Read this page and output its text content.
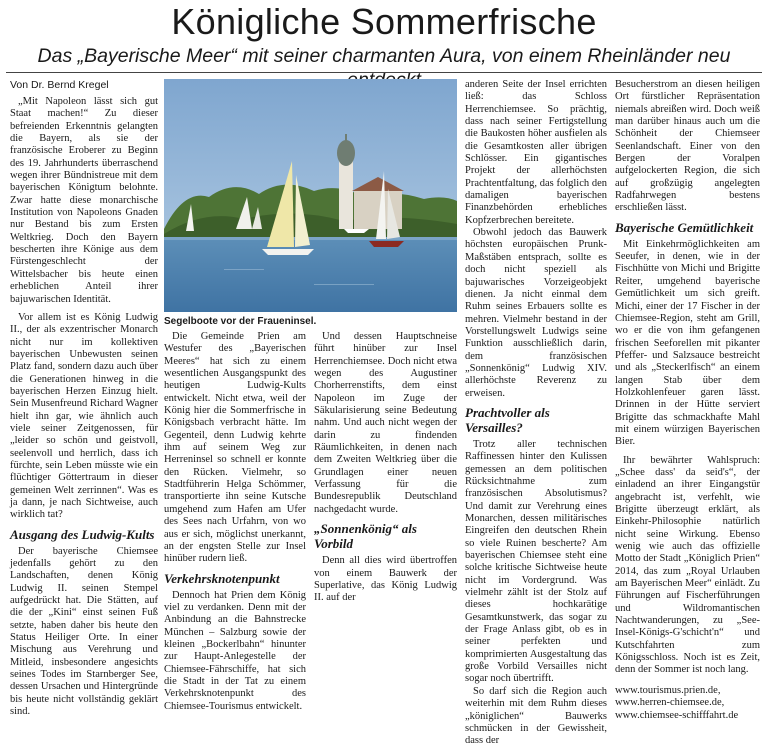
Königliche Sommerfrische
Das „Bayerische Meer“ mit seiner charmanten Aura, von einem Rheinländer neu
Von Dr. Bernd Kregel

„Mit Napoleon lässt sich gut Staat machen!“ Zu dieser befreienden Erkenntnis gelangten die Bayern, als sie der französische Eroberer zu Beginn des 19. Jahrhunderts überraschend wegen ihrer Bündnistreue mit dem bayerischen Königtum belohnte. Zwar hatte diese monarchische Institution von Napoleons Gnaden nur Bestand bis zum Ersten Weltkrieg. Doch den Bayern bescherten ihre Könige aus dem Fürstengeschlecht der Wittelsbacher bis heute einen erheblichen Anteil ihrer bajuwarischen Identität.

Vor allem ist es König Ludwig II., der als exzentrischer Monarch nicht nur im kollektiven bayerischen Unbewusten seinen Platz fand, sondern dazu auch über die Generationen hinweg in die bayerischen Herzen Einzug hielt. Sein Musenfreund Richard Wagner hielt ihn gar, wie ähnlich auch viele seiner Zeitgenossen, für „leider so schön und geistvoll, seelenvoll und herrlich, dass ich fürchte, sein Leben müsste wie ein flüchtiger Göttertraum in dieser gemeinen Welt zerrinnen“. Was es ja dann, je nach Sichtweise, auch wirklich tat?

Ausgang des Ludwig-Kults

Der bayerische Chiemsee jedenfalls gehört zu den Landschaften, denen König Ludwig II. seinen Stempel aufgedrückt hat. Die Stätten, auf die der „Kini“ einst seinen Fuß setzte, haben daher bis heute den Status Heiliger Orte. In einer Mischung aus Verehrung und Mitleid, insbesondere angesichts seines Todes im Starnberger See, dessen Ursachen und Hintergründe bis heute nicht vollständig geklärt sind.

Segelboote vor der Fraueninsel.

Die Gemeinde Prien am Westufer des „Bayerischen Meeres“ hat sich zu einem wesentlichen Ausgangspunkt des heutigen Ludwig-Kults entwickelt. Nicht etwa, weil der König hier die Sommerfrische in Königsbach verbracht hätte. Im Gegenteil, denn Ludwig kehrte ihm auf seinem Weg zur Herreninsel so schnell er konnte den Rücken. Vielmehr, so Stadtführerin Helga Schömmer, transportierte ihn seine Kutsche umgehend zum Hafen am Ufer des Sees nach Urfahrn, von wo aus er sich, möglichst unerkannt, an der engsten Stelle zur Insel hinüber rudern ließ.

Verkehrsknotenpunkt

Dennoch hat Prien dem König viel zu verdanken. Denn mit der Anbindung an die Bahnstrecke München – Salzburg sowie der kleinen „Bockerlbahn“ hinunter zur Haupt-Anlegestelle der Chiemsee-Fährschiffe, hat sich die Stadt in der Tat zu einem Verkehrsknotenpunkt des Chiemsee-Tourismus entwickelt.

Und dessen Hauptschneise führt hinüber zur Insel Herrenchiemsee. Doch nicht etwa wegen des Augustiner Chorherrenstifts, dem einst Napoleon im Zuge der Säkularisierung seine Bedeutung nahm. Und auch nicht wegen der darin zu findenden Räumlichkeiten, in denen nach dem Zweiten Weltkrieg über die Grundlagen einer neuen Verfassung für die Bundesrepublik Deutschland nachgedacht wurde.

„Sonnenkönig“ als Vorbild

Denn all dies wird übertroffen von einem Bauwerk der Superlative, das König Ludwig II. auf der

anderen Seite der Insel errichten ließ: das Schloss Herrenchiemsee. So prächtig, dass nach seiner Fertigstellung die Baukosten höher ausfielen als die Gesamtkosten aller übrigen Schlösser. Ein gigantisches Projekt der allerhöchsten Prachtentfaltung, das folglich den damaligen bayerischen Finanzbehörden erhebliches Kopfzerbrechen bereitete.

Obwohl jedoch das Bauwerk höchsten europäischen Prunk-Maßstäben entsprach, sollte es doch nicht speziell als bajuwarisches Vorzeigeobjekt dienen. Ja nicht einmal dem Ruhm seines Erbauers sollte es mehren. Vielmehr bestand in der Vorstellungswelt Ludwigs seine Funktion ausschließlich darin, dem französischen „Sonnenkönig“ Ludwig XIV. allerhöchste Reverenz zu erweisen.

Prachtvoller als Versailles?

Trotz aller technischen Raffinessen hinter den Kulissen gemessen an dem politischen Rücksichtnahme zum französischen Absolutismus? Und damit zur Verehrung eines Monarchen, dessen militärisches Eingreifen den deutschen Rhein so viele Ruinen bescherte? Am bayerischen Chiemsee steht eine solche kritische Sichtweise heute nicht im Vordergrund. Was vielmehr zählt ist der Stolz auf dieses hochkarätige Gesamtkunstwerk, das sogar zu der Frage Anlass gibt, ob es in seiner perfekten und komprimierten Ausgestaltung das große Vorbild Versailles nicht sogar noch übertrifft.

So darf sich die Region auch weiterhin mit dem Ruhm dieses „königlichen“ Bauwerks schmücken in der Gewissheit, dass der

Besucherstrom an diesen heiligen Ort fürstlicher Repräsentation niemals abreißen wird. Doch weiß man darüber hinaus auch um die Schönheit der Chiemseer Seenlandschaft. Einer von den Bergen der Voralpen aufgelockerten Region, die sich auf großzügig angelegten Radfahrwegen bestens erschließen lässt.

Bayerische Gemütlichkeit

Mit Einkehrmöglichkeiten am Seeufer, in denen, wie in der Fischhütte von Michi und Brigitte Reiter, umgehend bayerische Gemütlichkeit um sich greift. Michi, einer der 17 Fischer in der Chiemsee-Region, steht am Grill, wo er die von ihm gefangenen frischen Seeforellen mit pikanter Pfeffer- und Salzsauce bestreicht und als „Steckerlfisch“ an einem langen Stab über dem Holzkohlenfeuer garen lässt. Drinnen in der Hütte serviert Brigitte das schmackhafte Mahl mit einem würzigen Bayerischen Bier.

Ihr bewährter Wahlspruch: „Schee dass' da seid's“, der einladend an ihrer Eingangstür angebracht ist, verfehlt, wie Brigitte überzeugt erklärt, als Einkehr-Philosophie natürlich nicht seine Wirkung. Ebenso wenig wie auch das offizielle Motto der Stadt „Königlich Prien“ 2014, das zum „Royal Urlauben am Bayerischen Meer“ einlädt. Zu Führungen auf Fischerführungen und Wildromantischen Nachtwanderungen, zu „See-Insel-Königs-G'schicht'n“ und Kutschfahrten zum Königsschloss. Noch ist es Zeit, denn der Sommer ist noch lang.

www.tourismus.prien.de,

www.herren-chiemsee.de,

www.chiemsee-schifffahrt.de
